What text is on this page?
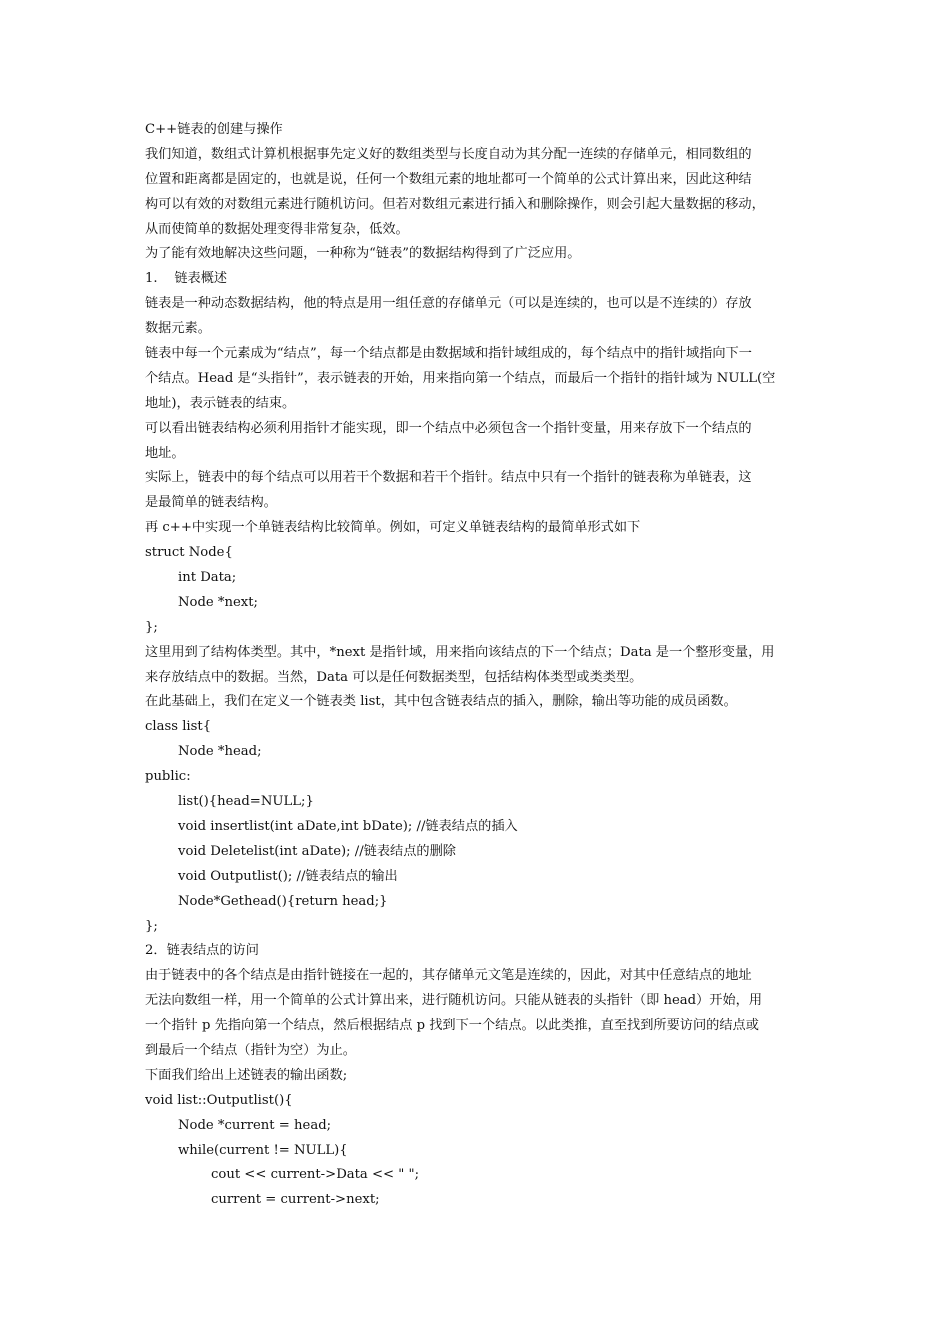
C++链表的创建与操作
我们知道，数组式计算机根据事先定义好的数组类型与长度自动为其分配一连续的存储单元，相同数组的
位置和距离都是固定的，也就是说，任何一个数组元素的地址都可一个简单的公式计算出来，因此这种结
构可以有效的对数组元素进行随机访问。但若对数组元素进行插入和删除操作，则会引起大量数据的移动，
从而使简单的数据处理变得非常复杂，低效。
为了能有效地解决这些问题，一种称为“链表”的数据结构得到了广泛应用。
1.    链表概述
链表是一种动态数据结构，他的特点是用一组任意的存储单元（可以是连续的，也可以是不连续的）存放
数据元素。
链表中每一个元素成为“结点”，每一个结点都是由数据域和指针域组成的，每个结点中的指针域指向下一
个结点。Head 是“头指针”，表示链表的开始，用来指向第一个结点，而最后一个指针的指针域为 NULL(空
地址)，表示链表的结束。
可以看出链表结构必须利用指针才能实现，即一个结点中必须包含一个指针变量，用来存放下一个结点的
地址。
实际上，链表中的每个结点可以用若干个数据和若干个指针。结点中只有一个指针的链表称为单链表，这
是最简单的链表结构。
再 c++中实现一个单链表结构比较简单。例如，可定义单链表结构的最简单形式如下
struct Node{
int Data;
Node *next;
};
这里用到了结构体类型。其中，*next 是指针域，用来指向该结点的下一个结点；Data 是一个整形变量，用
来存放结点中的数据。当然，Data 可以是任何数据类型，包括结构体类型或类类型。
在此基础上，我们在定义一个链表类 list，其中包含链表结点的插入，删除，输出等功能的成员函数。
class list{
Node *head;
public:
list(){head=NULL;}
void insertlist(int aDate,int bDate); //链表结点的插入
void Deletelist(int aDate); //链表结点的删除
void Outputlist(); //链表结点的输出
Node*Gethead(){return head;}
};
2．链表结点的访问
由于链表中的各个结点是由指针链接在一起的，其存储单元文笔是连续的，因此，对其中任意结点的地址
无法向数组一样，用一个简单的公式计算出来，进行随机访问。只能从链表的头指针（即 head）开始，用
一个指针 p 先指向第一个结点，然后根据结点 p 找到下一个结点。以此类推，直至找到所要访问的结点或
到最后一个结点（指针为空）为止。
下面我们给出上述链表的输出函数;
void list::Outputlist(){
Node *current = head;
while(current != NULL){
cout << current->Data << " ";
current = current->next;
